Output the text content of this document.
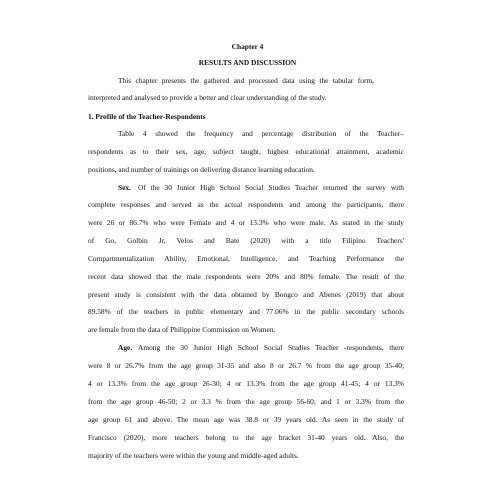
Chapter 4
RESULTS AND DISCUSSION
This chapter presents the gathered and processed data using the tabular form,
interpreted and analysed to provide a better and clear understanding of the study.
1. Profile of the Teacher-Respondents
Table 4 showed the frequency and percentage distribution of the Teacher–
respondents as to their sex, age, subject taught, highest educational attainment, academic
positions, and number of trainings on delivering distance learning education.
Sex. Of the 30 Junior High School Social Studies Teacher returned the survey with
complete responses and served as the actual respondents and among the participants, there
were 26 or 86.7% who were Female and 4 or 13.3% who were male. As stated in the study
of Go, Golbin Jr, Velos and Bate (2020) with a title Filipino Teachers'
Compartmentalization Ability, Emotional, Intelligence, and Teaching Performance the
recent data showed that the male respondents were 20% and 80% female. The result of the
present study is consistent with the data obtained by Bongco and Abenes (2019) that about
89.58% of the teachers in public elementary and 77.06% in the public secondary schools
are female from the data of Philippine Commission on Women.
Age. Among the 30 Junior High School Social Studies Teacher -respondents, there
were 8 or 26.7% from the age group 31-35 and also 8 or 26.7 % from the age group 35-40;
4 or 13.3% from the age group 26-30; 4 or 13.3% from the age group 41-45; 4 or 13.3%
from the age group 46-50; 2 or 3.3 % from the age group 56-60; and 1 or 3.3% from the
age group 61 and above. The mean age was 38.8 or 39 years old. As seen in the study of
Francisco (2020), more teachers belong to the age bracket 31-40 years old. Also, the
majority of the teachers were within the young and middle-aged adults.
